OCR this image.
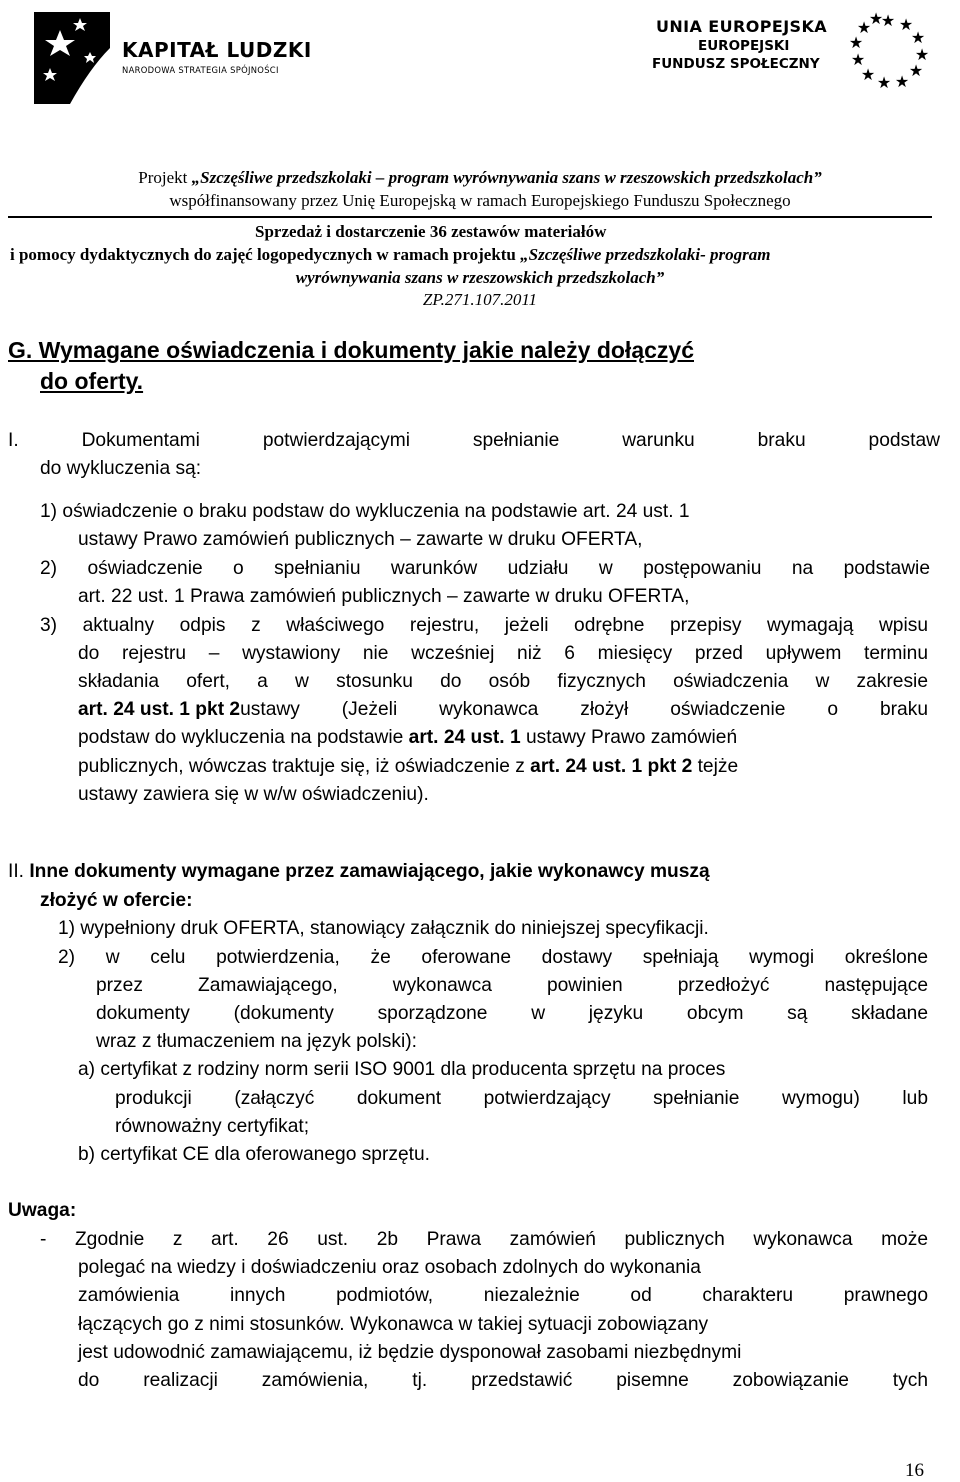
KAPITAŁ LUDZKI
NARODOWA STRATEGIA SPÓJNOŚCI
UNIA EUROPEJSKA
EUROPEJSKI
FUNDUSZ SPOŁECZNY
★ ★
★
★
★
★
★
★
★
★
★
★
Projekt „Szczęśliwe przedszkolaki – program wyrównywania szans w rzeszowskich przedszkolach”
współfinansowany przez Unię Europejską w ramach Europejskiego Funduszu Społecznego
Sprzedaż i dostarczenie 36 zestawów materiałów
i pomocy dydaktycznych do zajęć logopedycznych w ramach projektu „Szczęśliwe przedszkolaki- program
wyrównywania szans w rzeszowskich przedszkolach”
ZP.271.107.2011
G. Wymagane oświadczenia i dokumenty jakie należy dołączyć
do oferty.
I. Dokumentami potwierdzającymi spełnianie warunku braku podstaw
do wykluczenia są:
1) oświadczenie o braku podstaw do wykluczenia na podstawie art. 24 ust. 1
ustawy Prawo zamówień publicznych – zawarte w druku OFERTA,
2) oświadczenie o spełnianiu warunków udziału w postępowaniu na podstawie
art. 22 ust. 1 Prawa zamówień publicznych – zawarte w druku OFERTA,
3) aktualny odpis z właściwego rejestru, jeżeli odrębne przepisy wymagają wpisu
do rejestru – wystawiony nie wcześniej niż 6 miesięcy przed upływem terminu
składania ofert, a w stosunku do osób fizycznych oświadczenia w zakresie
art. 24 ust. 1 pkt 2 ustawy (Jeżeli wykonawca złożył oświadczenie o braku
podstaw do wykluczenia na podstawie art. 24 ust. 1 ustawy Prawo zamówień
publicznych, wówczas traktuje się, iż oświadczenie z art. 24 ust. 1 pkt 2 tejże
ustawy zawiera się w w/w oświadczeniu).
II. Inne dokumenty wymagane przez zamawiającego, jakie wykonawcy muszą
złożyć w ofercie:
1) wypełniony druk OFERTA, stanowiący załącznik do niniejszej specyfikacji.
2) w celu potwierdzenia, że oferowane dostawy spełniają wymogi określone
przez Zamawiającego, wykonawca powinien przedłożyć następujące
dokumenty (dokumenty sporządzone w języku obcym są składane
wraz z tłumaczeniem na język polski):
a) certyfikat z rodziny norm serii ISO 9001 dla producenta sprzętu na proces
produkcji (załączyć dokument potwierdzający spełnianie wymogu) lub
równoważny certyfikat;
b) certyfikat CE dla oferowanego sprzętu.
Uwaga:
- Zgodnie z art. 26 ust. 2b Prawa zamówień publicznych wykonawca może
polegać na wiedzy i doświadczeniu oraz osobach zdolnych do wykonania
zamówienia innych podmiotów, niezależnie od charakteru prawnego
łączących go z nimi stosunków. Wykonawca w takiej sytuacji zobowiązany
jest udowodnić zamawiającemu, iż będzie dysponował zasobami niezbędnymi
do realizacji zamówienia, tj. przedstawić pisemne zobowiązanie tych
16
